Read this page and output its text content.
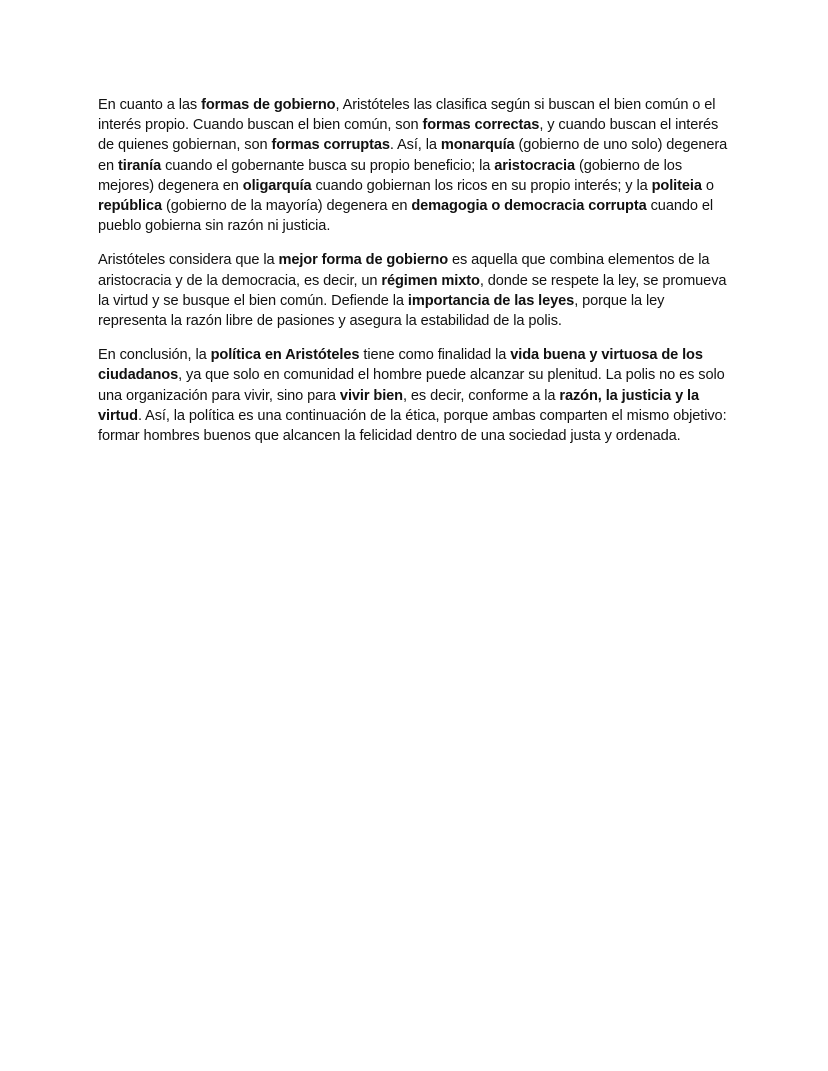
En cuanto a las formas de gobierno, Aristóteles las clasifica según si buscan el bien común o el interés propio. Cuando buscan el bien común, son formas correctas, y cuando buscan el interés de quienes gobiernan, son formas corruptas. Así, la monarquía (gobierno de uno solo) degenera en tiranía cuando el gobernante busca su propio beneficio; la aristocracia (gobierno de los mejores) degenera en oligarquía cuando gobiernan los ricos en su propio interés; y la politeia o república (gobierno de la mayoría) degenera en demagogia o democracia corrupta cuando el pueblo gobierna sin razón ni justicia.

Aristóteles considera que la mejor forma de gobierno es aquella que combina elementos de la aristocracia y de la democracia, es decir, un régimen mixto, donde se respete la ley, se promueva la virtud y se busque el bien común. Defiende la importancia de las leyes, porque la ley representa la razón libre de pasiones y asegura la estabilidad de la polis.

En conclusión, la política en Aristóteles tiene como finalidad la vida buena y virtuosa de los ciudadanos, ya que solo en comunidad el hombre puede alcanzar su plenitud. La polis no es solo una organización para vivir, sino para vivir bien, es decir, conforme a la razón, la justicia y la virtud. Así, la política es una continuación de la ética, porque ambas comparten el mismo objetivo: formar hombres buenos que alcancen la felicidad dentro de una sociedad justa y ordenada.
